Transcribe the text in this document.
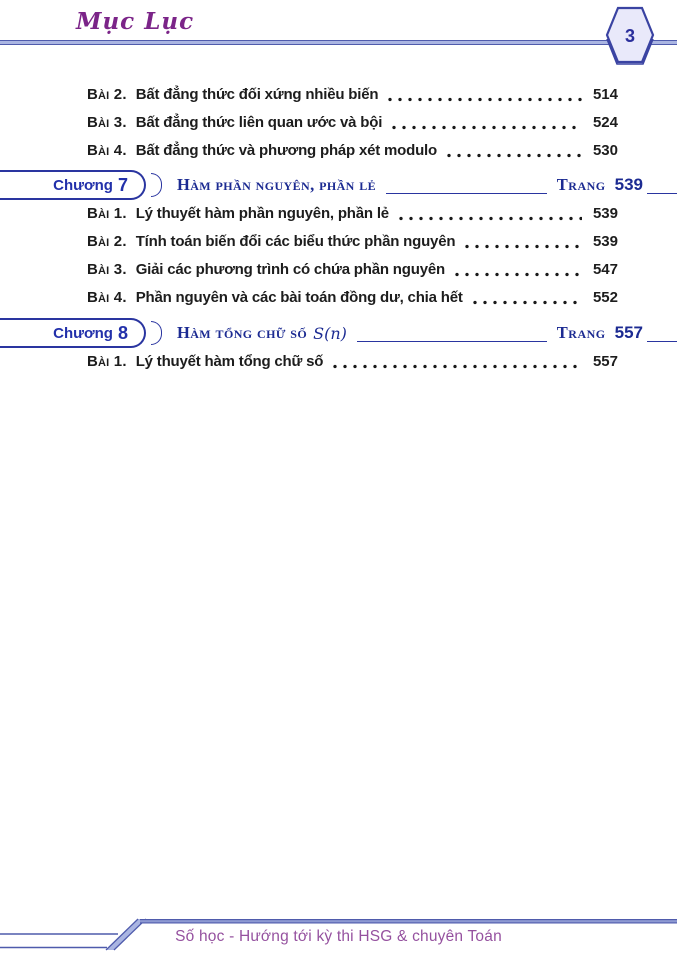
Mục Lục
3
Bài 2. Bất đẳng thức đối xứng nhiều biến	514
Bài 3. Bất đẳng thức liên quan ước và bội	524
Bài 4. Bất đẳng thức và phương pháp xét modulo	530
Chương 7	Hàm phần nguyên, phần lẻ	Trang 539
Bài 1. Lý thuyết hàm phần nguyên, phần lẻ	539
Bài 2. Tính toán biến đổi các biểu thức phần nguyên	539
Bài 3. Giải các phương trình có chứa phần nguyên	547
Bài 4. Phần nguyên và các bài toán đồng dư, chia hết	552
Chương 8	Hàm tổng chữ số S(n)	Trang 557
Bài 1. Lý thuyết hàm tổng chữ số	557
Số học - Hướng tới kỳ thi HSG & chuyên Toán
